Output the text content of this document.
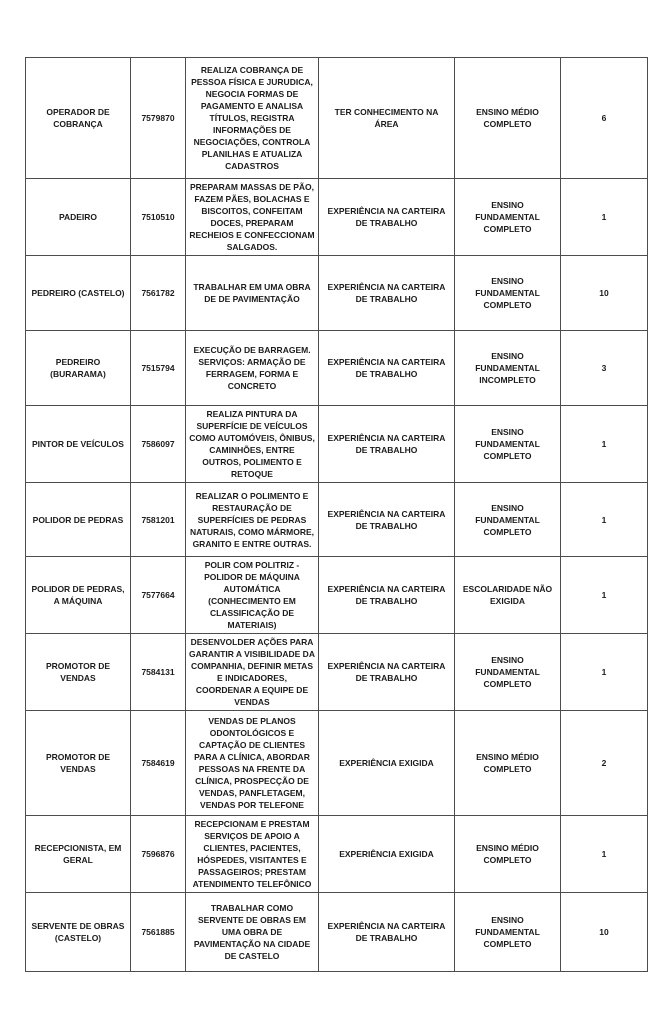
OPERADOR DE COBRANÇA	7579870	REALIZA COBRANÇA DE PESSOA FÍSICA E JURUDICA, NEGOCIA FORMAS DE PAGAMENTO E ANALISA TÍTULOS, REGISTRA INFORMAÇÕES DE NEGOCIAÇÕES, CONTROLA PLANILHAS E ATUALIZA CADASTROS	TER CONHECIMENTO NA ÁREA	ENSINO MÉDIO COMPLETO	6
PADEIRO	7510510	PREPARAM MASSAS DE PÃO, FAZEM PÃES, BOLACHAS E BISCOITOS, CONFEITAM DOCES, PREPARAM RECHEIOS E CONFECCIONAM SALGADOS.	EXPERIÊNCIA NA CARTEIRA DE TRABALHO	ENSINO FUNDAMENTAL COMPLETO	1
PEDREIRO (CASTELO)	7561782	TRABALHAR EM UMA OBRA DE DE PAVIMENTAÇÃO	EXPERIÊNCIA NA CARTEIRA DE TRABALHO	ENSINO FUNDAMENTAL COMPLETO	10
PEDREIRO (BURARAMA)	7515794	EXECUÇÃO DE BARRAGEM. SERVIÇOS: ARMAÇÃO DE FERRAGEM, FORMA E CONCRETO	EXPERIÊNCIA NA CARTEIRA DE TRABALHO	ENSINO FUNDAMENTAL INCOMPLETO	3
PINTOR DE VEÍCULOS	7586097	REALIZA PINTURA DA SUPERFÍCIE DE VEÍCULOS COMO AUTOMÓVEIS, ÔNIBUS, CAMINHÕES, ENTRE OUTROS, POLIMENTO E RETOQUE	EXPERIÊNCIA NA CARTEIRA DE TRABALHO	ENSINO FUNDAMENTAL COMPLETO	1
POLIDOR DE PEDRAS	7581201	REALIZAR O POLIMENTO E RESTAURAÇÃO DE SUPERFÍCIES DE PEDRAS NATURAIS, COMO MÁRMORE, GRANITO E ENTRE OUTRAS.	EXPERIÊNCIA NA CARTEIRA DE TRABALHO	ENSINO FUNDAMENTAL COMPLETO	1
POLIDOR DE PEDRAS, A MÁQUINA	7577664	POLIR COM POLITRIZ - POLIDOR DE MÁQUINA AUTOMÁTICA (CONHECIMENTO EM CLASSIFICAÇÃO DE MATERIAIS)	EXPERIÊNCIA NA CARTEIRA DE TRABALHO	ESCOLARIDADE NÃO EXIGIDA	1
PROMOTOR DE VENDAS	7584131	DESENVOLDER AÇÕES PARA GARANTIR A VISIBILIDADE DA COMPANHIA, DEFINIR METAS E INDICADORES, COORDENAR A EQUIPE DE VENDAS	EXPERIÊNCIA NA CARTEIRA DE TRABALHO	ENSINO FUNDAMENTAL COMPLETO	1
PROMOTOR DE VENDAS	7584619	VENDAS DE PLANOS ODONTOLÓGICOS E CAPTAÇÃO DE CLIENTES PARA A CLÍNICA, ABORDAR PESSOAS NA FRENTE DA CLÍNICA, PROSPECÇÃO DE VENDAS, PANFLETAGEM, VENDAS POR TELEFONE	EXPERIÊNCIA EXIGIDA	ENSINO MÉDIO COMPLETO	2
RECEPCIONISTA, EM GERAL	7596876	RECEPCIONAM E PRESTAM SERVIÇOS DE APOIO A CLIENTES, PACIENTES, HÓSPEDES, VISITANTES E PASSAGEIROS; PRESTAM ATENDIMENTO TELEFÔNICO	EXPERIÊNCIA EXIGIDA	ENSINO MÉDIO COMPLETO	1
SERVENTE DE OBRAS (CASTELO)	7561885	TRABALHAR COMO SERVENTE DE OBRAS EM UMA OBRA DE PAVIMENTAÇÃO NA CIDADE DE CASTELO	EXPERIÊNCIA NA CARTEIRA DE TRABALHO	ENSINO FUNDAMENTAL COMPLETO	10
